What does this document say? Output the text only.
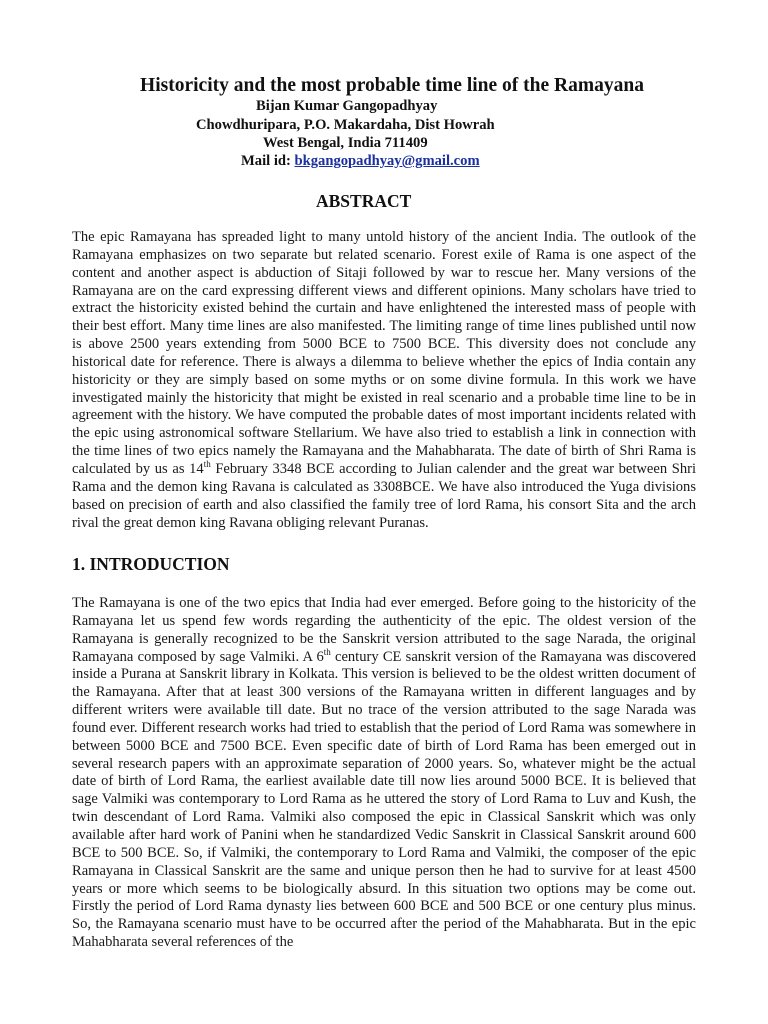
Historicity and the most probable time line of the Ramayana
Bijan Kumar Gangopadhyay
Chowdhuripara, P.O. Makardaha, Dist Howrah
West Bengal, India 711409
Mail id: bkgangopadhyay@gmail.com
ABSTRACT

The epic Ramayana has spreaded light to many untold history of the ancient India. The outlook of the Ramayana emphasizes on two separate but related scenario. Forest exile of Rama is one aspect of the content and another aspect is abduction of Sitaji followed by war to rescue her. Many versions of the Ramayana are on the card expressing different views and different opinions. Many scholars have tried to extract the historicity existed behind the curtain and have enlightened the interested mass of people with their best effort. Many time lines are also manifested. The limiting range of time lines published until now is above 2500 years extending from 5000 BCE to 7500 BCE. This diversity does not conclude any historical date for reference. There is always a dilemma to believe whether the epics of India contain any historicity or they are simply based on some myths or on some divine formula. In this work we have investigated mainly the historicity that might be existed in real scenario and a probable time line to be in agreement with the history. We have computed the probable dates of most important incidents related with the epic using astronomical software Stellarium. We have also tried to establish a link in connection with the time lines of two epics namely the Ramayana and the Mahabharata. The date of birth of Shri Rama is calculated by us as 14th February 3348 BCE according to Julian calender and the great war between Shri Rama and the demon king Ravana is calculated as 3308BCE. We have also introduced the Yuga divisions based on precision of earth and also classified the family tree of lord Rama, his consort Sita and the arch rival the great demon king Ravana obliging relevant Puranas.

1. INTRODUCTION

The Ramayana is one of the two epics that India had ever emerged. Before going to the historicity of the Ramayana let us spend few words regarding the authenticity of the epic. The oldest version of the Ramayana is generally recognized to be the Sanskrit version attributed to the sage Narada, the original Ramayana composed by sage Valmiki. A 6th century CE sanskrit version of the Ramayana was discovered inside a Purana at Sanskrit library in Kolkata. This version is believed to be the oldest written document of the Ramayana. After that at least 300 versions of the Ramayana written in different languages and by different writers were available till date. But no trace of the version attributed to the sage Narada was found ever. Different research works had tried to establish that the period of Lord Rama was somewhere in between 5000 BCE and 7500 BCE. Even specific date of birth of Lord Rama has been emerged out in several research papers with an approximate separation of 2000 years. So, whatever might be the actual date of birth of Lord Rama, the earliest available date till now lies around 5000 BCE. It is believed that sage Valmiki was contemporary to Lord Rama as he uttered the story of Lord Rama to Luv and Kush, the twin descendant of Lord Rama. Valmiki also composed the epic in Classical Sanskrit which was only available after hard work of Panini when he standardized Vedic Sanskrit in Classical Sanskrit around 600 BCE to 500 BCE. So, if Valmiki, the contemporary to Lord Rama and Valmiki, the composer of the epic Ramayana in Classical Sanskrit are the same and unique person then he had to survive for at least 4500 years or more which seems to be biologically absurd. In this situation two options may be come out. Firstly the period of Lord Rama dynasty lies between 600 BCE and 500 BCE or one century plus minus. So, the Ramayana scenario must have to be occurred after the period of the Mahabharata. But in the epic Mahabharata several references of the
